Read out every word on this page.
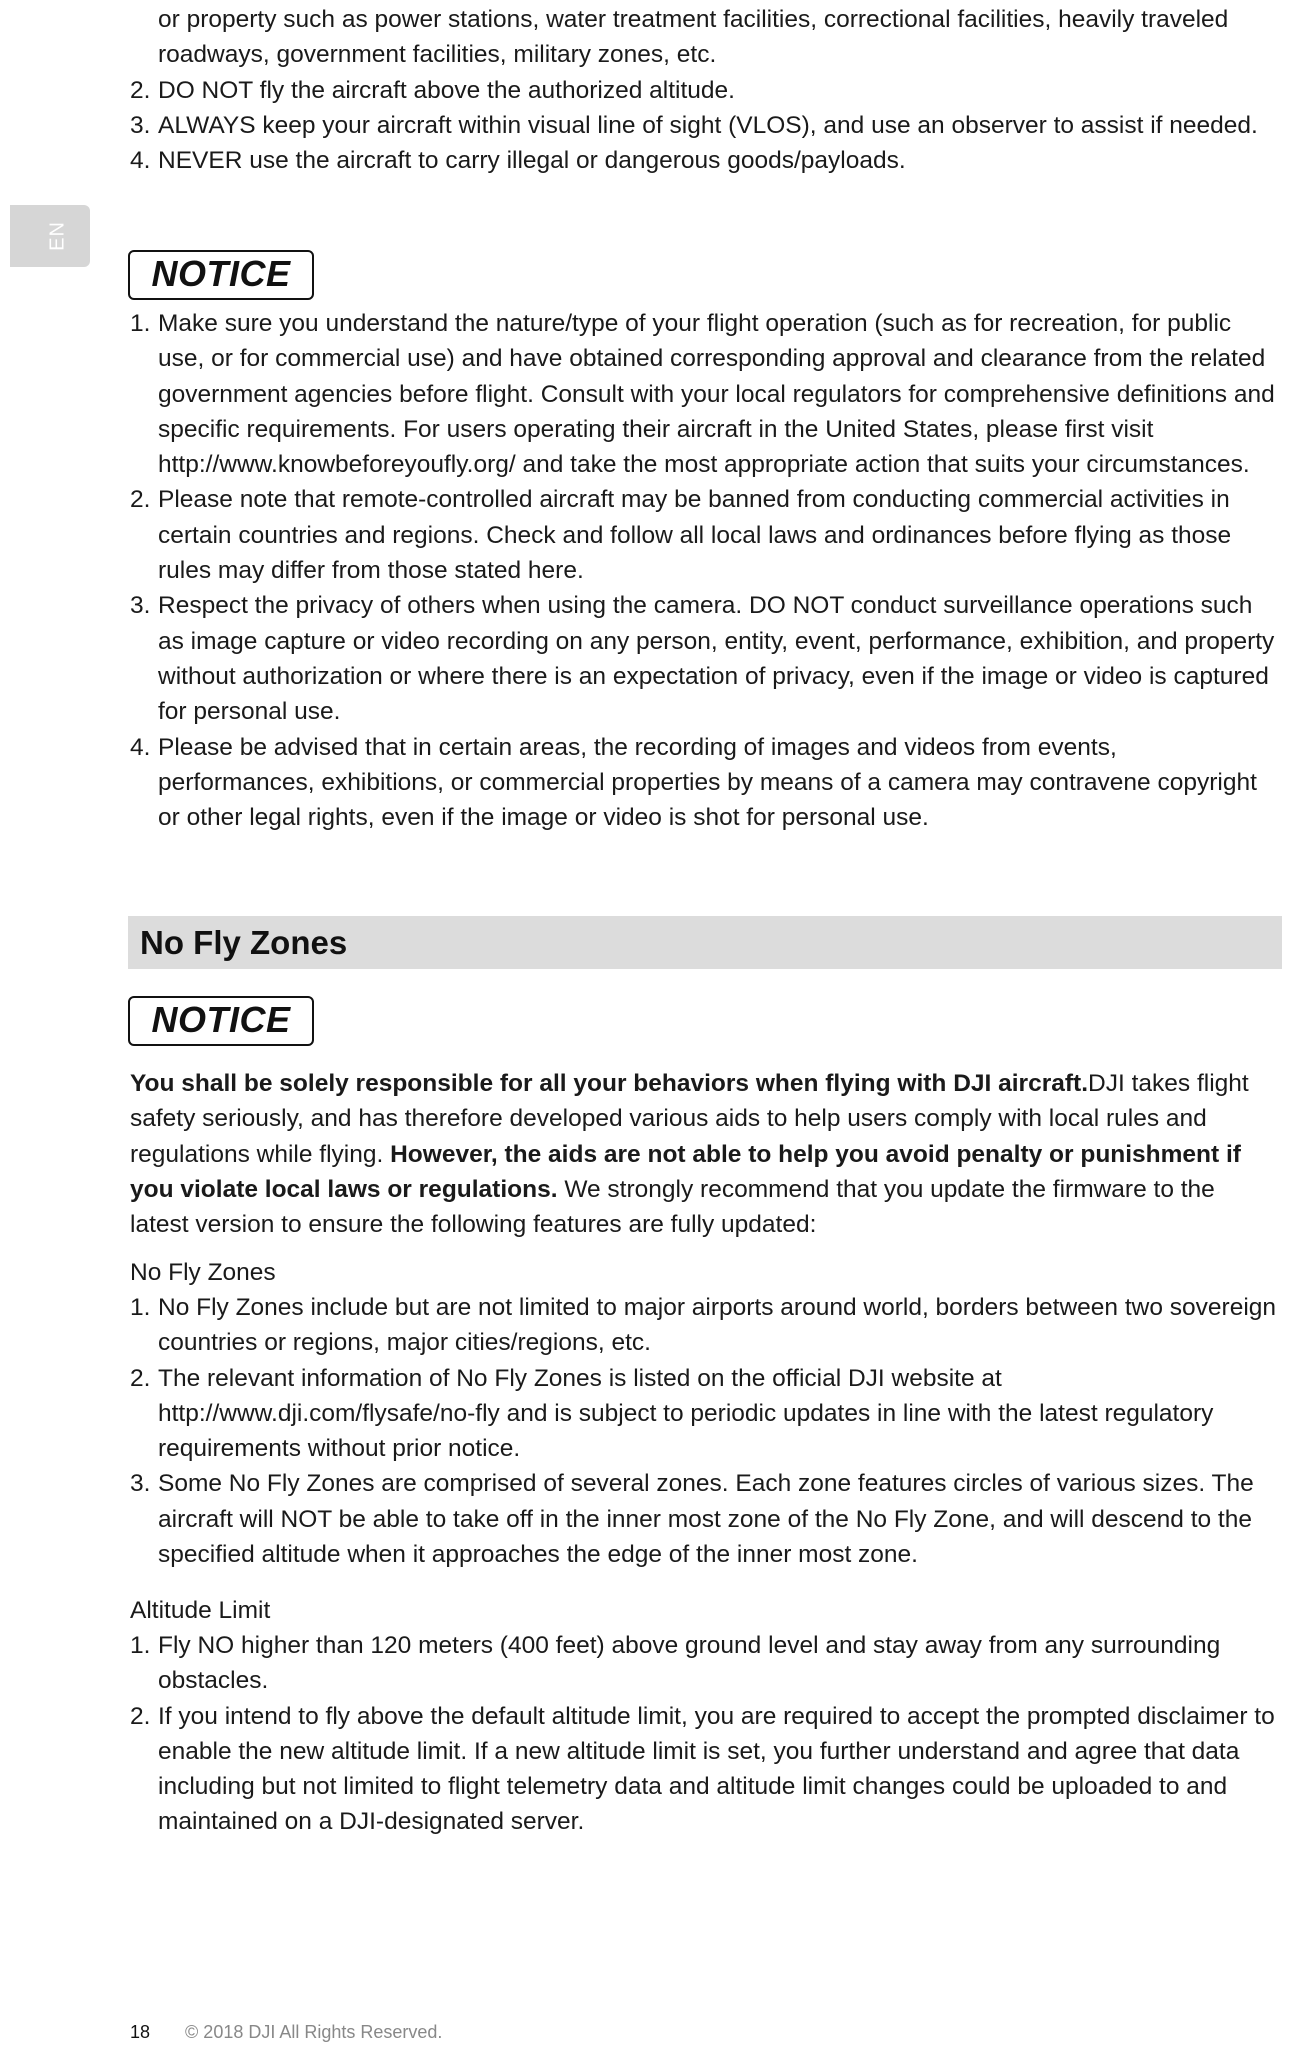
EN
or property such as power stations, water treatment facilities, correctional facilities, heavily traveled roadways, government facilities, military zones, etc.
2. DO NOT fly the aircraft above the authorized altitude.
3. ALWAYS keep your aircraft within visual line of sight (VLOS), and use an observer to assist if needed.
4. NEVER use the aircraft to carry illegal or dangerous goods/payloads.
NOTICE
1. Make sure you understand the nature/type of your flight operation (such as for recreation, for public use, or for commercial use) and have obtained corresponding approval and clearance from the related government agencies before flight. Consult with your local regulators for comprehensive definitions and specific requirements. For users operating their aircraft in the United States, please first visit http://www.knowbeforeyoufly.org/ and take the most appropriate action that suits your circumstances.
2. Please note that remote-controlled aircraft may be banned from conducting commercial activities in certain countries and regions. Check and follow all local laws and ordinances before flying as those rules may differ from those stated here.
3. Respect the privacy of others when using the camera. DO NOT conduct surveillance operations such as image capture or video recording on any person, entity, event, performance, exhibition, and property without authorization or where there is an expectation of privacy, even if the image or video is captured for personal use.
4. Please be advised that in certain areas, the recording of images and videos from events, performances, exhibitions, or commercial properties by means of a camera may contravene copyright or other legal rights, even if the image or video is shot for personal use.
No Fly Zones
NOTICE

You shall be solely responsible for all your behaviors when flying with DJI aircraft.DJI takes flight safety seriously, and has therefore developed various aids to help users comply with local rules and regulations while flying. However, the aids are not able to help you avoid penalty or punishment if you violate local laws or regulations. We strongly recommend that you update the firmware to the latest version to ensure the following features are fully updated:

No Fly Zones
1. No Fly Zones include but are not limited to major airports around world, borders between two sovereign countries or regions, major cities/regions, etc.
2. The relevant information of No Fly Zones is listed on the official DJI website at http://www.dji.com/flysafe/no-fly and is subject to periodic updates in line with the latest regulatory requirements without prior notice.
3. Some No Fly Zones are comprised of several zones. Each zone features circles of various sizes. The aircraft will NOT be able to take off in the inner most zone of the No Fly Zone, and will descend to the specified altitude when it approaches the edge of the inner most zone.
Altitude Limit
1. Fly NO higher than 120 meters (400 feet) above ground level and stay away from any surrounding obstacles.
2. If you intend to fly above the default altitude limit, you are required to accept the prompted disclaimer to enable the new altitude limit. If a new altitude limit is set, you further understand and agree that data including but not limited to flight telemetry data and altitude limit changes could be uploaded to and maintained on a DJI-designated server.
18 © 2018 DJI All Rights Reserved.
